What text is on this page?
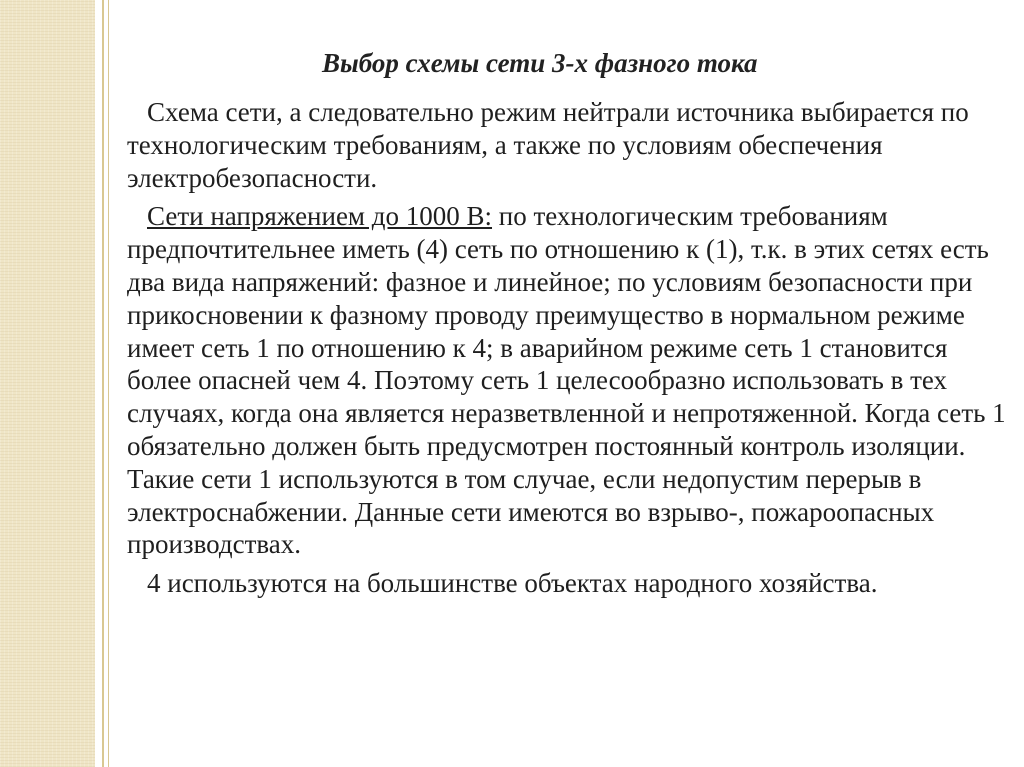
Выбор схемы сети 3-х фазного тока

Схема сети, а следовательно режим нейтрали источника выбирается по технологическим требованиям, а также по условиям обеспечения электробезопасности.

Сети напряжением до 1000 В: по технологическим требованиям предпочтительнее иметь (4) сеть по отношению к (1), т.к. в этих сетях есть два вида напряжений: фазное и линейное; по условиям безопасности при прикосновении к фазному проводу преимущество в нормальном режиме имеет сеть 1 по отношению к 4; в аварийном режиме сеть 1 становится более опасней чем 4. Поэтому сеть 1 целесообразно использовать в тех случаях, когда она является неразветвленной и непротяженной. Когда сеть 1 обязательно должен быть предусмотрен постоянный контроль изоляции. Такие сети 1 используются в том случае, если недопустим перерыв в электроснабжении. Данные сети имеются во взрыво-, пожароопасных производствах.

4 используются на большинстве объектах народного хозяйства.
